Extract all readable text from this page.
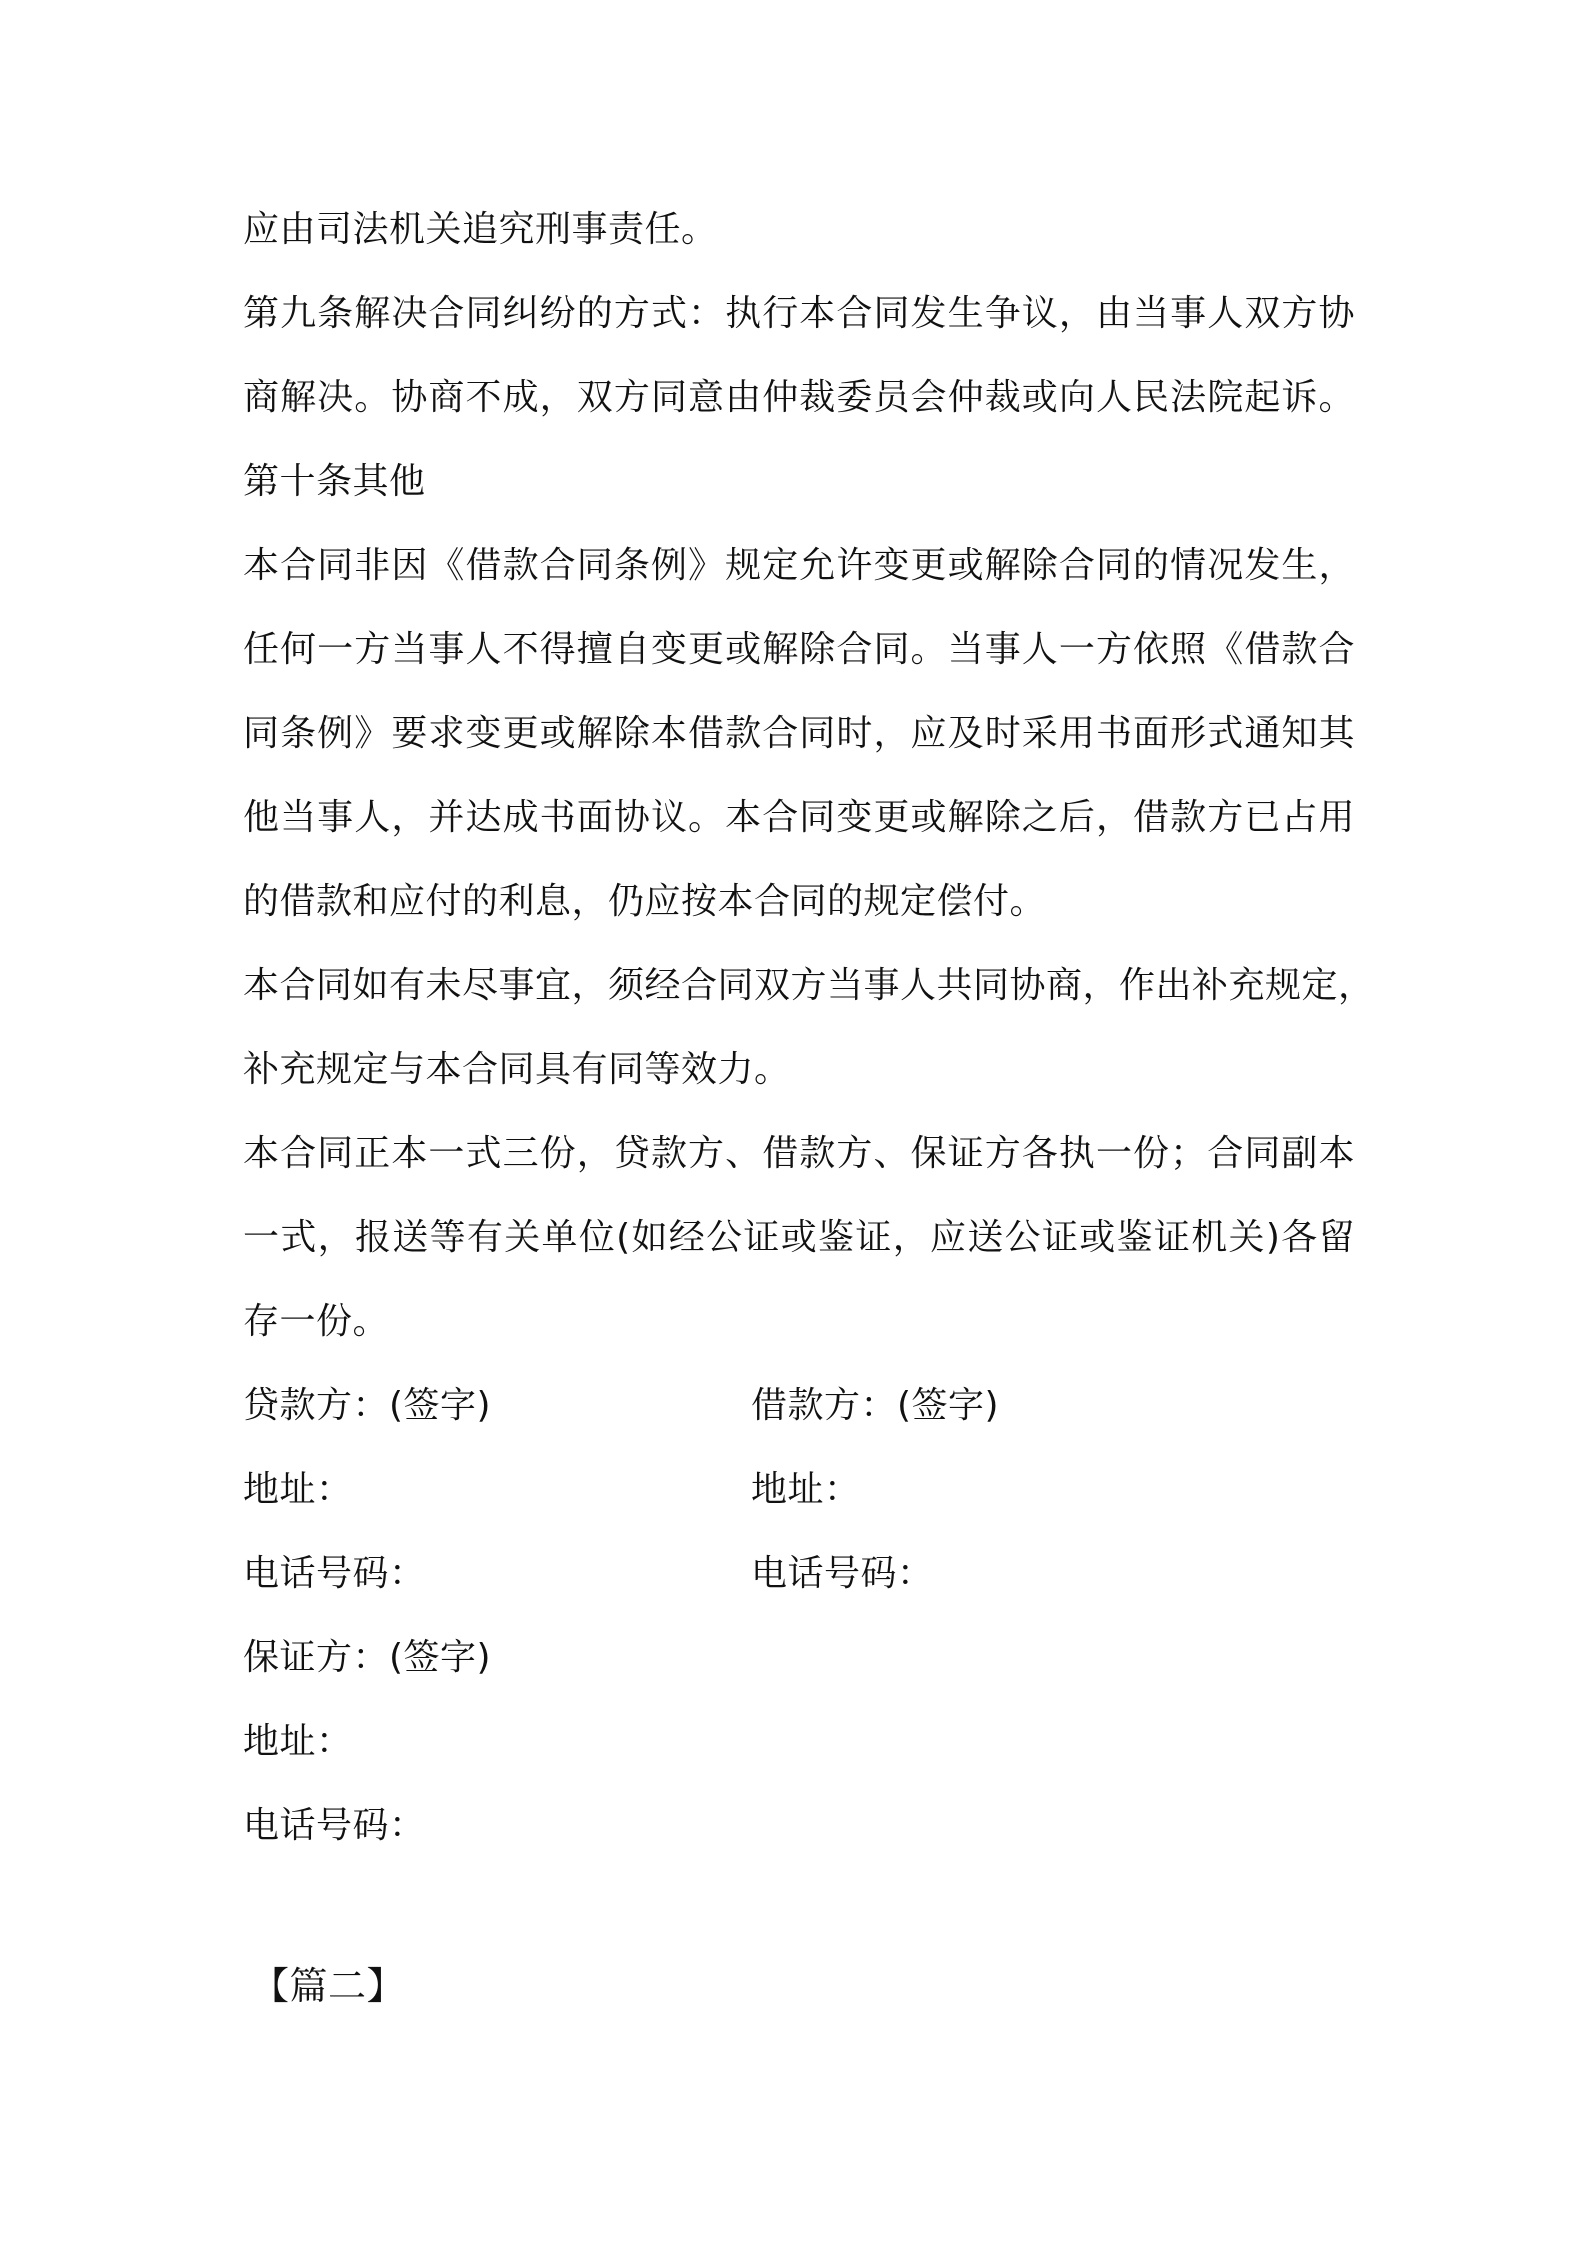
应由司法机关追究刑事责任。
第九条解决合同纠纷的方式：执行本合同发生争议，由当事人双方协
商解决。协商不成，双方同意由仲裁委员会仲裁或向人民法院起诉。
第十条其他
本合同非因《借款合同条例》规定允许变更或解除合同的情况发生，
任何一方当事人不得擅自变更或解除合同。当事人一方依照《借款合
同条例》要求变更或解除本借款合同时，应及时采用书面形式通知其
他当事人，并达成书面协议。本合同变更或解除之后，借款方已占用
的借款和应付的利息，仍应按本合同的规定偿付。
本合同如有未尽事宜，须经合同双方当事人共同协商，作出补充规定，
补充规定与本合同具有同等效力。
本合同正本一式三份，贷款方、借款方、保证方各执一份；合同副本
一式，报送等有关单位(如经公证或鉴证，应送公证或鉴证机关)各留
存一份。
贷款方：(签字)	借款方：(签字)
地址：	地址：
电话号码：	电话号码：
保证方：(签字)
地址：
电话号码：
【篇二】
